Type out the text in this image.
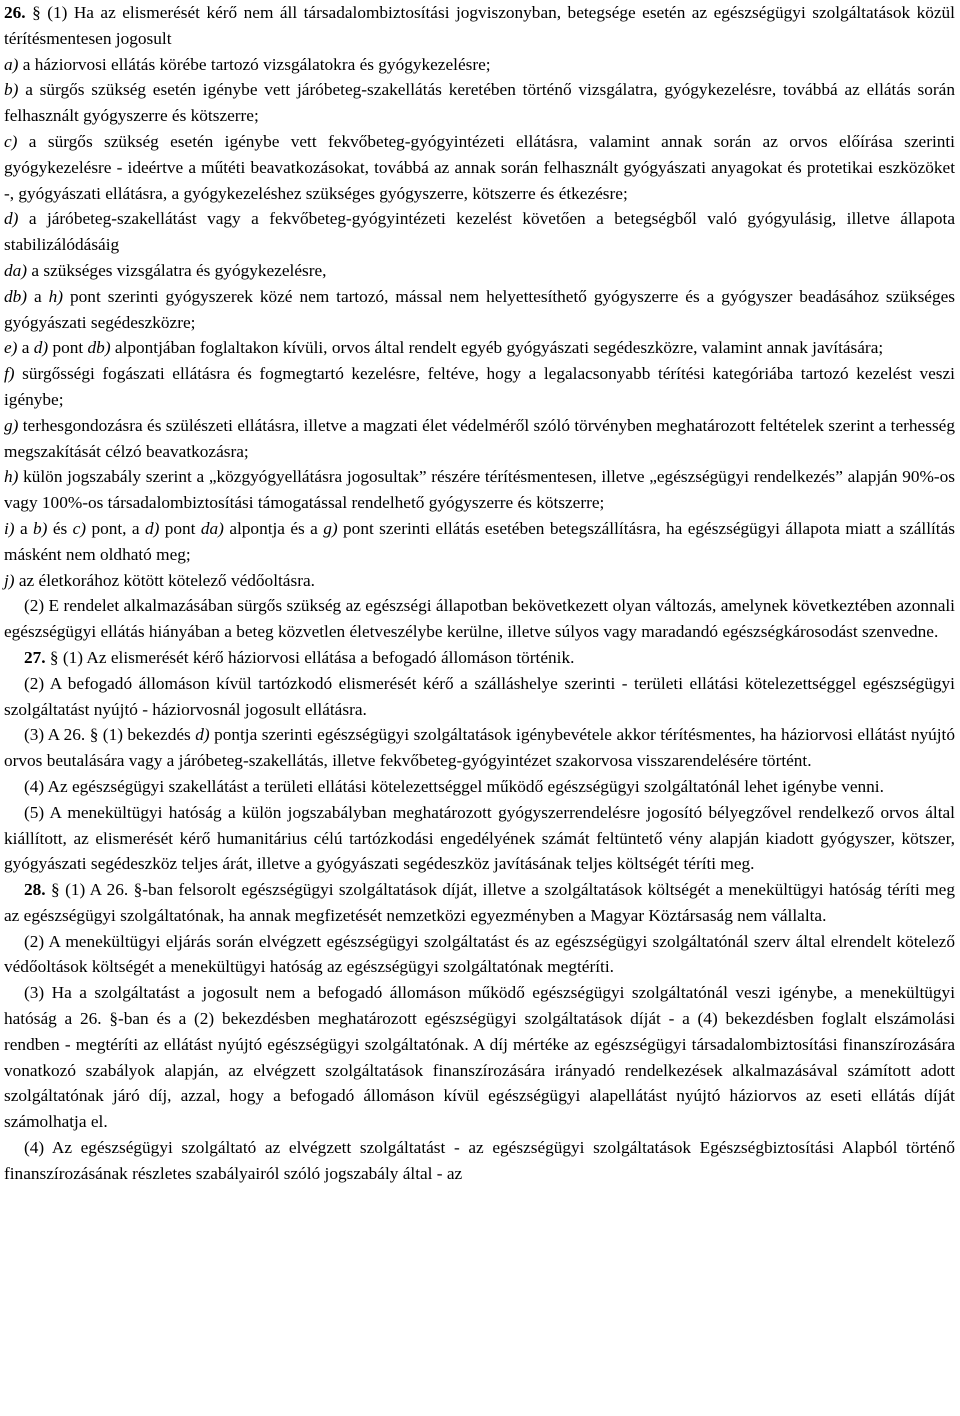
26. § (1) Ha az elismerését kérő nem áll társadalombiztosítási jogviszonyban, betegsége esetén az egészségügyi szolgáltatások közül térítésmentesen jogosult

a) a háziorvosi ellátás körébe tartozó vizsgálatokra és gyógykezelésre;

b) a sürgős szükség esetén igénybe vett járóbeteg-szakellátás keretében történő vizsgálatra, gyógykezelésre, továbbá az ellátás során felhasznált gyógyszerre és kötszerre;

c) a sürgős szükség esetén igénybe vett fekvőbeteg-gyógyintézeti ellátásra, valamint annak során az orvos előírása szerinti gyógykezelésre - ideértve a műtéti beavatkozásokat, továbbá az annak során felhasznált gyógyászati anyagokat és protetikai eszközöket -, gyógyászati ellátásra, a gyógykezeléshez szükséges gyógyszerre, kötszerre és étkezésre;

d) a járóbeteg-szakellátást vagy a fekvőbeteg-gyógyintézeti kezelést követően a betegségből való gyógyulásig, illetve állapota stabilizálódásáig

da) a szükséges vizsgálatra és gyógykezelésre,

db) a h) pont szerinti gyógyszerek közé nem tartozó, mással nem helyettesíthető gyógyszerre és a gyógyszer beadásához szükséges gyógyászati segédeszközre;

e) a d) pont db) alpontjában foglaltakon kívüli, orvos által rendelt egyéb gyógyászati segédeszközre, valamint annak javítására;

f) sürgősségi fogászati ellátásra és fogmegtartó kezelésre, feltéve, hogy a legalacsonyabb térítési kategóriába tartozó kezelést veszi igénybe;

g) terhesgondozásra és szülészeti ellátásra, illetve a magzati élet védelméről szóló törvényben meghatározott feltételek szerint a terhesség megszakítását célzó beavatkozásra;

h) külön jogszabály szerint a „közgyógyellátásra jogosultak” részére térítésmentesen, illetve „egészségügyi rendelkezés” alapján 90%-os vagy 100%-os társadalombiztosítási támogatással rendelhető gyógyszerre és kötszerre;

i) a b) és c) pont, a d) pont da) alpontja és a g) pont szerinti ellátás esetében betegszállításra, ha egészségügyi állapota miatt a szállítás másként nem oldható meg;

j) az életkorához kötött kötelező védőoltásra.

(2) E rendelet alkalmazásában sürgős szükség az egészségi állapotban bekövetkezett olyan változás, amelynek következtében azonnali egészségügyi ellátás hiányában a beteg közvetlen életveszélybe kerülne, illetve súlyos vagy maradandó egészségkárosodást szenvedne.

27. § (1) Az elismerését kérő háziorvosi ellátása a befogadó állomáson történik.

(2) A befogadó állomáson kívül tartózkodó elismerését kérő a szálláshelye szerinti - területi ellátási kötelezettséggel egészségügyi szolgáltatást nyújtó - háziorvosnál jogosult ellátásra.

(3) A 26. § (1) bekezdés d) pontja szerinti egészségügyi szolgáltatások igénybevétele akkor térítésmentes, ha háziorvosi ellátást nyújtó orvos beutalására vagy a járóbeteg-szakellátás, illetve fekvőbeteg-gyógyintézet szakorvosa visszarendelésére történt.

(4) Az egészségügyi szakellátást a területi ellátási kötelezettséggel működő egészségügyi szolgáltatónál lehet igénybe venni.

(5) A menekültügyi hatóság a külön jogszabályban meghatározott gyógyszerrendelésre jogosító bélyegzővel rendelkező orvos által kiállított, az elismerését kérő humanitárius célú tartózkodási engedélyének számát feltüntető vény alapján kiadott gyógyszer, kötszer, gyógyászati segédeszköz teljes árát, illetve a gyógyászati segédeszköz javításának teljes költségét téríti meg.

28. § (1) A 26. §-ban felsorolt egészségügyi szolgáltatások díját, illetve a szolgáltatások költségét a menekültügyi hatóság téríti meg az egészségügyi szolgáltatónak, ha annak megfizetését nemzetközi egyezményben a Magyar Köztársaság nem vállalta.

(2) A menekültügyi eljárás során elvégzett egészségügyi szolgáltatást és az egészségügyi szolgáltatónál szerv által elrendelt kötelező védőoltások költségét a menekültügyi hatóság az egészségügyi szolgáltatónak megtéríti.

(3) Ha a szolgáltatást a jogosult nem a befogadó állomáson működő egészségügyi szolgáltatónál veszi igénybe, a menekültügyi hatóság a 26. §-ban és a (2) bekezdésben meghatározott egészségügyi szolgáltatások díját - a (4) bekezdésben foglalt elszámolási rendben - megtéríti az ellátást nyújtó egészségügyi szolgáltatónak. A díj mértéke az egészségügyi társadalombiztosítási finanszírozására vonatkozó szabályok alapján, az elvégzett szolgáltatások finanszírozására irányadó rendelkezések alkalmazásával számított adott szolgáltatónak járó díj, azzal, hogy a befogadó állomáson kívül egészségügyi alapellátást nyújtó háziorvos az eseti ellátás díját számolhatja el.

(4) Az egészségügyi szolgáltató az elvégzett szolgáltatást - az egészségügyi szolgáltatások Egészségbiztosítási Alapból történő finanszírozásának részletes szabályairól szóló jogszabály által - az
